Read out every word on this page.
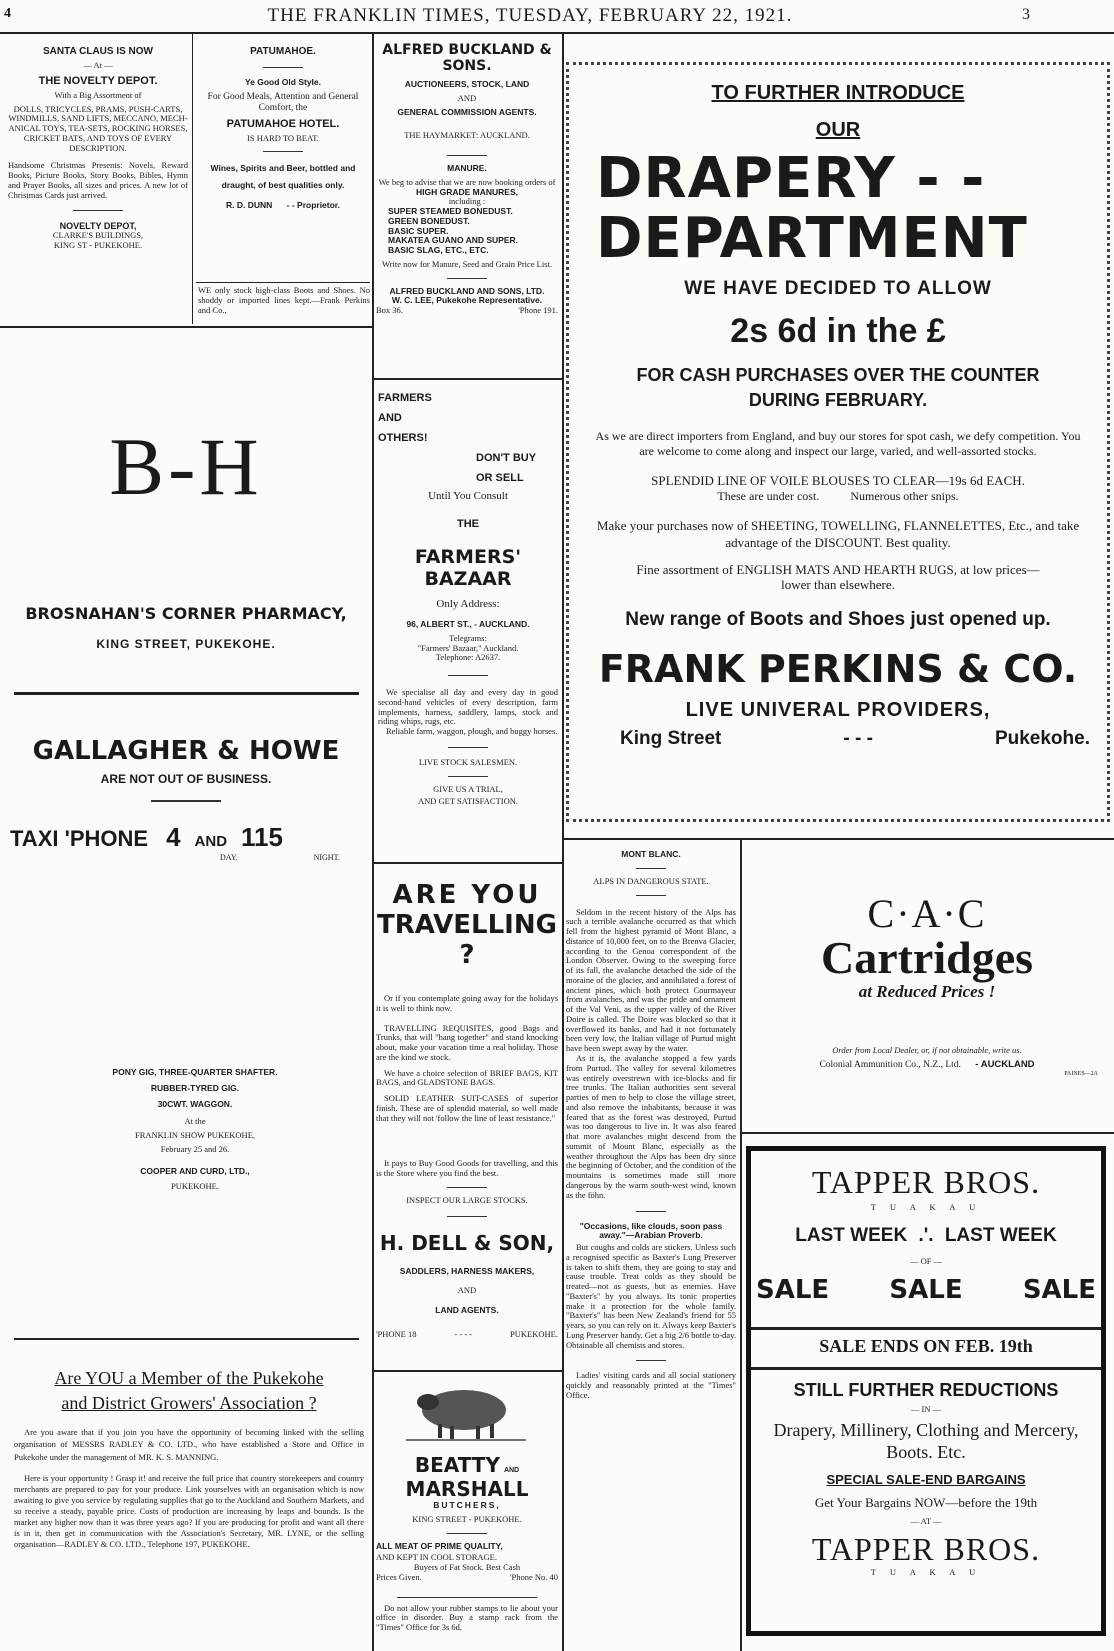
4	THE FRANKLIN TIMES, TUESDAY, FEBRUARY 22, 1921.	3
SANTA CLAUS IS NOW
— At —
THE NOVELTY DEPOT.
With a Big Assortment of
DOLLS, TRICYCLES, PRAMS, PUSH-CARTS, WINDMILLS, SAND LIFTS, MECCANO, MECH-ANICAL TOYS, TEA-SETS, ROCKING HORSES, CRICKET BATS, AND TOYS OF EVERY DESCRIPTION.
Handsome Christmas Presents: Novels, Reward Books, Picture Books, Story Books, Bibles, Hymn and Prayer Books, all sizes and prices. A new lot of Christmas Cards just arrived.
NOVELTY DEPOT,
CLARKE'S BUILDINGS,
KING ST - PUKEKOHE.
PATUMAHOE.
Ye Good Old Style.
For Good Meals, Attention and General Comfort, the
PATUMAHOE HOTEL.
IS HARD TO BEAT.
Wines, Spirits and Beer, bottled and draught, of best qualities only.
R. D. DUNN - - Proprietor.
WE only stock high-class Boots and Shoes. No shoddy or imported lines kept.—Frank Perkins and Co.,
B-H
BROSNAHAN'S CORNER PHARMACY,
KING STREET, PUKEKOHE.
GALLAGHER & HOWE
ARE NOT OUT OF BUSINESS.
TAXI 'PHONE 4 AND 115
DAY.	NIGHT.
PONY GIG, THREE-QUARTER SHAFTER.
RUBBER-TYRED GIG.
30CWT. WAGGON.
At the
FRANKLIN SHOW PUKEKOHE,
February 25 and 26.
COOPER AND CURD, LTD.,
PUKEKOHE.
Are YOU a Member of the Pukekohe
and District Growers' Association ?
Are you aware that if you join you have the opportunity of becoming linked with the selling organisation of MESSRS RADLEY & CO. LTD., who have established a Store and Office in Pukekohe under the management of MR. K. S. MANNING.
Here is your opportunity ! Grasp it! and receive the full price that country storekeepers and country merchants are prepared to pay for your produce. Link yourselves with an organisation which is now awaiting to give you service by regulating supplies that go to the Auckland and Southern Markets, and so receive a steady, payable price. Costs of production are increasing by leaps and bounds. Is the market any higher now than it was three years ago? If you are producing for profit and want all there is in it, then get in communication with the Association's Secretary, MR. LYNE, or the selling organisation—RADLEY & CO. LTD., Telephone 197, PUKEKOHE.
ALFRED BUCKLAND & SONS.
AUCTIONEERS, STOCK, LAND
AND
GENERAL COMMISSION AGENTS.
THE HAYMARKET: AUCKLAND.
MANURE.
We beg to advise that we are now booking orders of
HIGH GRADE MANURES,
including :
SUPER STEAMED BONEDUST.
GREEN BONEDUST.
BASIC SUPER.
MAKATEA GUANO AND SUPER.
BASIC SLAG, ETC., ETC.
Write now for Manure, Seed and Grain Price List.
ALFRED BUCKLAND AND SONS, LTD.
W. C. LEE, Pukekohe Representative.
Box 36.	'Phone 191.
FARMERS
AND
OTHERS!
DON'T BUY
OR SELL
Until You Consult
THE
FARMERS' BAZAAR
Only Address:
96, ALBERT ST., - AUCKLAND.
Telegrams:
"Farmers' Bazaar," Auckland.
Telephone: A2637.
We specialise all day and every day in good second-hand vehicles of every description, farm implements, harness, saddlery, lamps, stock and riding whips, rugs, etc.
Reliable farm, waggon, plough, and buggy horses.
LIVE STOCK SALESMEN.
GIVE US A TRIAL,
AND GET SATISFACTION.
TO FURTHER INTRODUCE
OUR
DRAPERY - -
DEPARTMENT
WE HAVE DECIDED TO ALLOW
2s 6d in the £
FOR CASH PURCHASES OVER THE COUNTER
DURING FEBRUARY.
As we are direct importers from England, and buy our stores for spot cash, we defy competition. You are welcome to come along and inspect our large, varied, and well-assorted stocks.
SPLENDID LINE OF VOILE BLOUSES TO CLEAR—19s 6d EACH.
These are under cost.	Numerous other snips.
Make your purchases now of SHEETING, TOWELLING, FLANNELETTES, Etc., and take advantage of the DISCOUNT. Best quality.
Fine assortment of ENGLISH MATS AND HEARTH RUGS, at low prices—lower than elsewhere.
New range of Boots and Shoes just opened up.
FRANK PERKINS & CO.
LIVE UNIVERAL PROVIDERS,
King Street	- - -	Pukekohe.
ARE YOU
TRAVELLING ?
Or if you contemplate going away for the holidays it is well to think now.
TRAVELLING REQUISITES, good Bags and Trunks, that will "hang together" and stand knocking about, make your vacation time a real holiday. Those are the kind we stock.
We have a choice selection of BRIEF BAGS, KIT BAGS, and GLADSTONE BAGS.
SOLID LEATHER SUIT-CASES of superior finish. These are of splendid material, so well made that they will not 'follow the line of least resistance."
It pays to Buy Good Goods for travelling, and this is the Store where you find the best.
INSPECT OUR LARGE STOCKS.
H. DELL & SON,
SADDLERS, HARNESS MAKERS,
AND
LAND AGENTS.
'PHONE 18	- - - -	PUKEKOHE.
BEATTY AND MARSHALL
BUTCHERS,
KING STREET - PUKEKOHE.
ALL MEAT OF PRIME QUALITY,
AND KEPT IN COOL STORAGE.
Buyers of Fat Stock. Best Cash
Prices Given.	'Phone No. 40
Do not allow your rubber stamps to lie about your office in disorder. Buy a stamp rack from the "Times" Office for 3s 6d.
MONT BLANC.
ALPS IN DANGEROUS STATE.
Seldom in the recent history of the Alps has such a terrible avalanche occurred as that which fell from the highest pyramid of Mont Blanc, a distance of 10,000 feet, on to the Brenva Glacier, according to the Genoa correspondent of the London Observer. Owing to the sweeping force of its fall, the avalanche detached the side of the moraine of the glacier, and annihilated a forest of ancient pines, which both protect Courmayeur from avalanches, and was the pride and ornament of the Val Veni, as the upper valley of the River Doire is called. The Doire was blocked so that it overflowed its banks, and had it not fortunately been very low, the Italian village of Purtud might have been swept away by the water.
As it is, the avalanche stopped a few yards from Purtud. The valley for several kilometres was entirely overstrewn with ice-blocks and fir tree trunks. The Italian authorities sent several parties of men to help to close the village street, and also remove the inhabitants, because it was feared that as the forest was destroyed, Purtud was too dangerous to live in. It was also feared that more avalanches might descend from the summit of Mount Blanc, especially as the weather throughout the Alps has been dry since the beginning of October, and the condition of the mountains is sometimes made still more dangerous by the warm south-west wind, known as the föhn.
"Occasions, like clouds, soon pass away."—Arabian Proverb.
But coughs and colds are stickers. Unless such a recognised specific as Baxter's Lung Preserver is taken to shift them, they are going to stay and cause trouble. Treat colds as they should be treated—not as guests, but as enemies. Have "Baxter's" by you always. Its tonic properties make it a protection for the whole family. "Baxter's" has been New Zealand's friend for 55 years, so you can rely on it. Always keep Baxter's Lung Preserver handy. Get a big 2/6 bottle to-day. Obtainable all chemists and stores.
Ladies' visiting cards and all social stationery quickly and reasonably printed at the "Times" Office.
C·A·C
Cartridges
at Reduced Prices !
Order from Local Dealer, or, if not obtainable, write us.
Colonial Ammunition Co., N.Z., Ltd. - AUCKLAND
PAINES—2A
TAPPER BROS.
T U A K A U
LAST WEEK .'. LAST WEEK
— OF —
SALE SALE SALE
SALE ENDS ON FEB. 19th
STILL FURTHER REDUCTIONS
— IN —
Drapery, Millinery, Clothing and Mercery, Boots. Etc.
SPECIAL SALE-END BARGAINS
Get Your Bargains NOW—before the 19th
— AT —
TAPPER BROS.
T U A K A U
